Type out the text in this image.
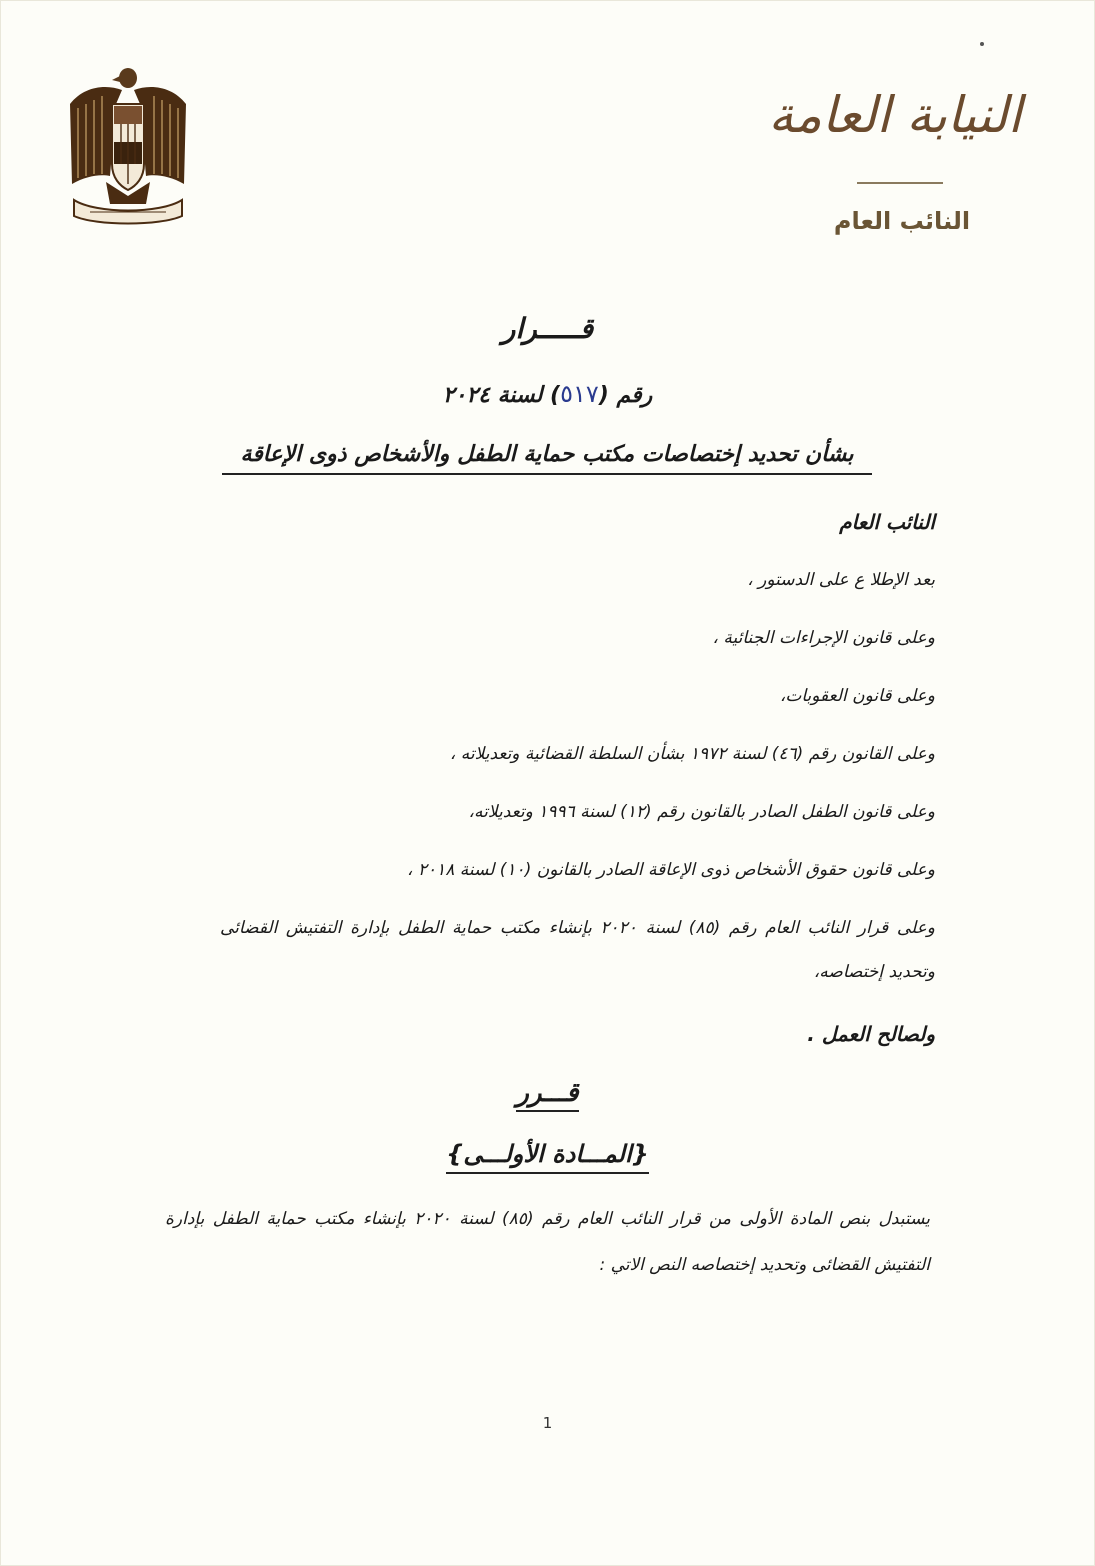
النيابة العامة
النائب العام
قـــــرار
رقم (٥١٧) لسنة ٢٠٢٤
بشأن تحديد إختصاصات مكتب حماية الطفل والأشخاص ذوى الإعاقة
النائب العام
بعد الإطلا ع على الدستور ،
وعلى قانون الإجراءات الجنائية ،
وعلى قانون العقوبات،
وعلى القانون رقم (٤٦) لسنة ١٩٧٢ بشأن السلطة القضائية وتعديلاته ،
وعلى قانون الطفل الصادر بالقانون رقم (١٢) لسنة ١٩٩٦ وتعديلاته،
وعلى قانون حقوق الأشخاص ذوى الإعاقة الصادر بالقانون (١٠) لسنة ٢٠١٨ ،
وعلى قرار النائب العام رقم (٨٥) لسنة ٢٠٢٠ بإنشاء مكتب حماية الطفل بإدارة التفتيش القضائى وتحديد إختصاصه،
ولصالح العمل .
قـــرر
{المـــادة الأولـــى}
يستبدل بنص المادة الأولى من قرار النائب العام رقم (٨٥) لسنة ٢٠٢٠ بإنشاء مكتب حماية الطفل بإدارة التفتيش القضائى وتحديد إختصاصه النص الاتي :
1
